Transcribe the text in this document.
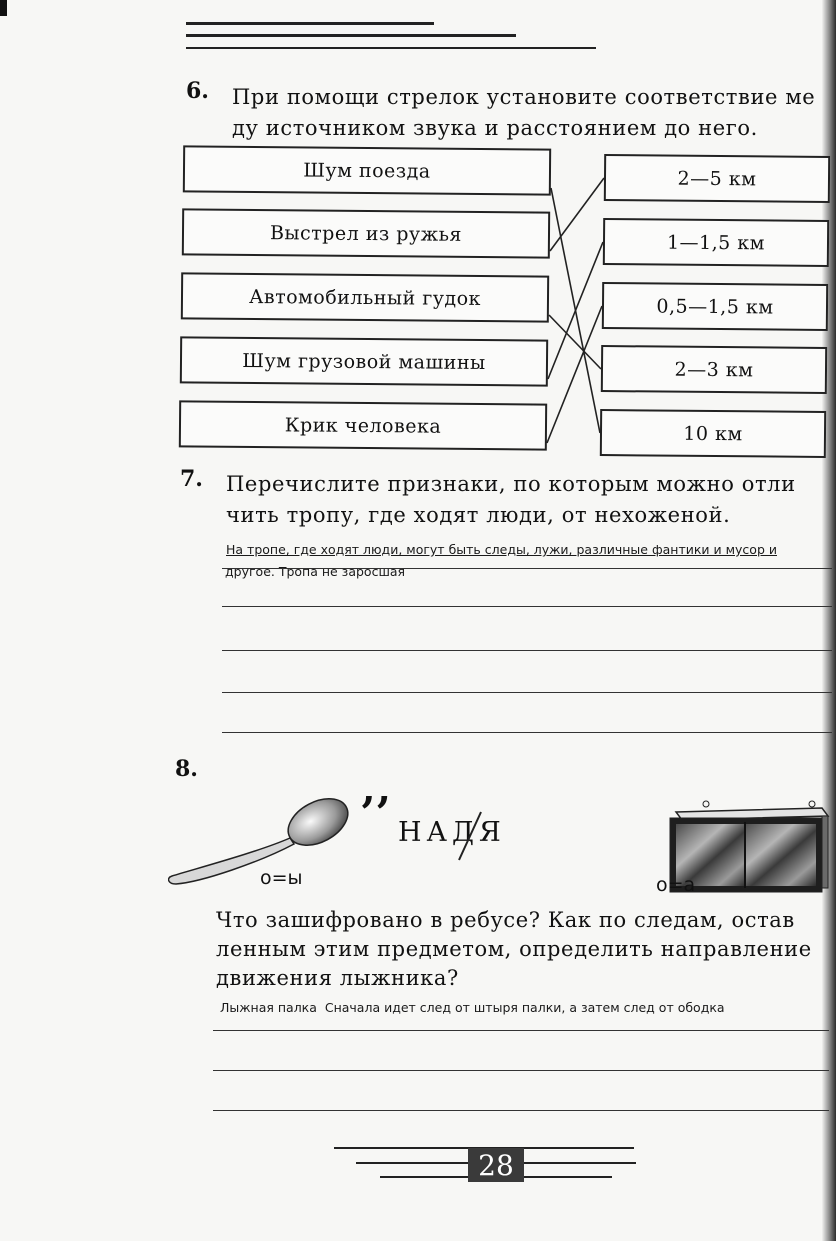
6. При помощи стрелок установите соответствие ме
ду источником звука и расстоянием до него.
Шум поезда
Выстрел из ружья
Автомобильный гудок
Шум грузовой машины
Крик человека
2—5 км
1—1,5 км
0,5—1,5 км
2—3 км
10 км
7. Перечислите признаки, по которым можно отли
чить тропу, где ходят люди, от нехоженой.
На тропе, где ходят люди, могут быть следы, лужи, различные фантики и мусор и
другое. Тропа не заросшая
8.
’’ НАДЯ
о=ы	о=а
Что зашифровано в ребусе? Как по следам, остав
ленным этим предметом, определить направление
движения лыжника?
Лыжная палка Сначала идет след от штыря палки, а затем след от ободка
28
